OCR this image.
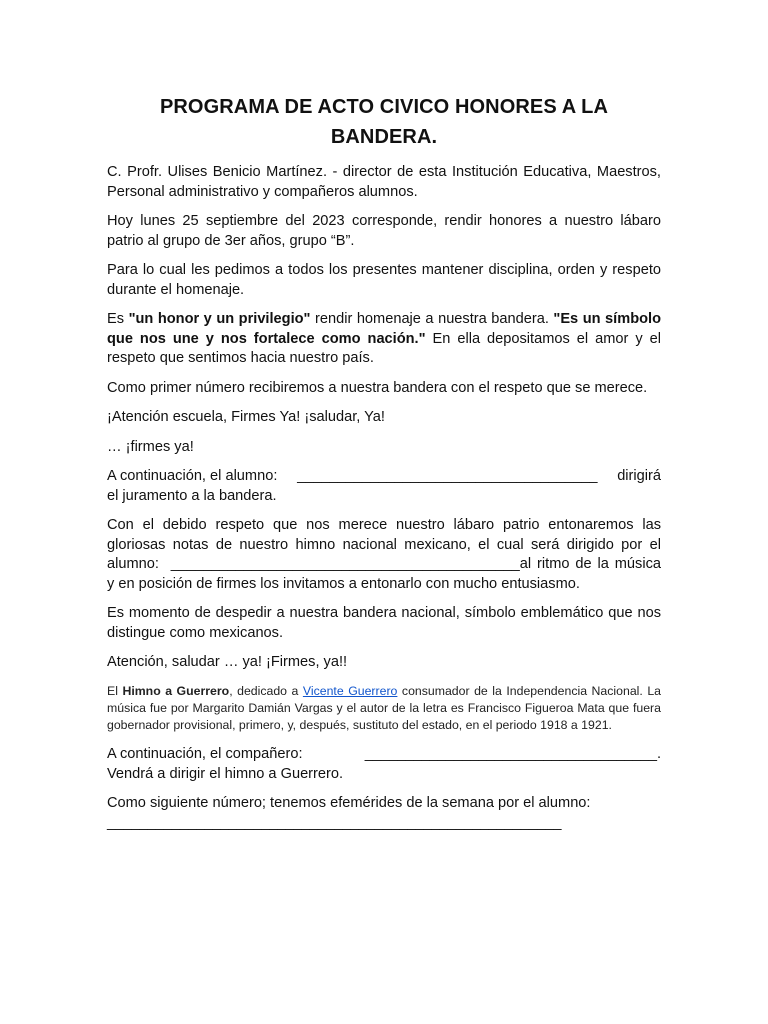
PROGRAMA DE ACTO CIVICO HONORES A LA BANDERA.

C. Profr. Ulises Benicio Martínez. - director de esta Institución Educativa, Maestros, Personal administrativo y compañeros alumnos.

Hoy lunes 25 septiembre del 2023 corresponde, rendir honores a nuestro lábaro patrio al grupo de 3er años, grupo “B”.

Para lo cual les pedimos a todos los presentes mantener disciplina, orden y respeto durante el homenaje.

Es "un honor y un privilegio" rendir homenaje a nuestra bandera. "Es un símbolo que nos une y nos fortalece como nación." En ella depositamos el amor y el respeto que sentimos hacia nuestro país.

Como primer número recibiremos a nuestra bandera con el respeto que se merece.

¡Atención escuela, Firmes Ya! ¡saludar, Ya!

… ¡firmes ya!

A continuación, el alumno: _____________________________________ dirigirá
el juramento a la bandera.

Con el debido respeto que nos merece nuestro lábaro patrio entonaremos las gloriosas notas de nuestro himno nacional mexicano, el cual será dirigido por el alumno: ___________________________________________al ritmo de la música y en posición de firmes los invitamos a entonarlo con mucho entusiasmo.

Es momento de despedir a nuestra bandera nacional, símbolo emblemático que nos distingue como mexicanos.

Atención, saludar … ya! ¡Firmes, ya!!

El Himno a Guerrero, dedicado a Vicente Guerrero consumador de la Independencia Nacional. La música fue por Margarito Damián Vargas y el autor de la letra es Francisco Figueroa Mata que fuera gobernador provisional, primero, y, después, sustituto del estado, en el periodo 1918 a 1921.

A continuación, el compañero:	____________________________________.
Vendrá a dirigir el himno a Guerrero.
Como siguiente número; tenemos efemérides de la semana por el alumno:
________________________________________________________
